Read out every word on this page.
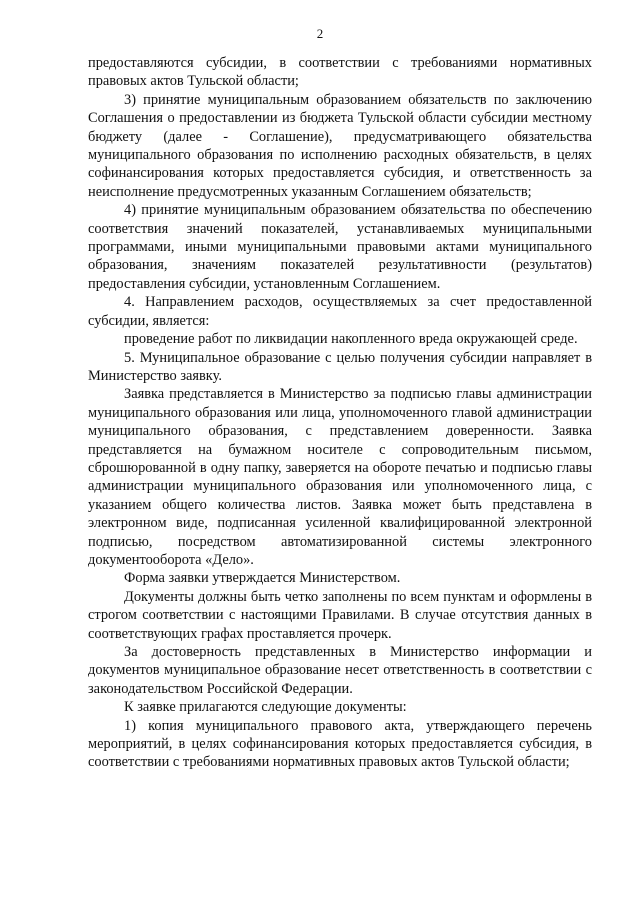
2

предоставляются субсидии, в соответствии с требованиями нормативных правовых актов Тульской области;

3) принятие муниципальным образованием обязательств по заключению Соглашения о предоставлении из бюджета Тульской области субсидии местному бюджету (далее - Соглашение), предусматривающего обязательства муниципального образования по исполнению расходных обязательств, в целях софинансирования которых предоставляется субсидия, и ответственность за неисполнение предусмотренных указанным Соглашением обязательств;

4) принятие муниципальным образованием обязательства по обеспечению соответствия значений показателей, устанавливаемых муниципальными программами, иными муниципальными правовыми актами муниципального образования, значениям показателей результативности (результатов) предоставления субсидии, установленным Соглашением.

4. Направлением расходов, осуществляемых за счет предоставленной субсидии, является:

проведение работ по ликвидации накопленного вреда окружающей среде.

5. Муниципальное образование с целью получения субсидии направляет в Министерство заявку.

Заявка представляется в Министерство за подписью главы администрации муниципального образования или лица, уполномоченного главой администрации муниципального образования, с представлением доверенности. Заявка представляется на бумажном носителе с сопроводительным письмом, сброшюрованной в одну папку, заверяется на обороте печатью и подписью главы администрации муниципального образования или уполномоченного лица, с указанием общего количества листов. Заявка может быть представлена в электронном виде, подписанная усиленной квалифицированной электронной подписью, посредством автоматизированной системы электронного документооборота «Дело».

Форма заявки утверждается Министерством.

Документы должны быть четко заполнены по всем пунктам и оформлены в строгом соответствии с настоящими Правилами. В случае отсутствия данных в соответствующих графах проставляется прочерк.

За достоверность представленных в Министерство информации и документов муниципальное образование несет ответственность в соответствии с законодательством Российской Федерации.

К заявке прилагаются следующие документы:

1) копия муниципального правового акта, утверждающего перечень мероприятий, в целях софинансирования которых предоставляется субсидия, в соответствии с требованиями нормативных правовых актов Тульской области;
